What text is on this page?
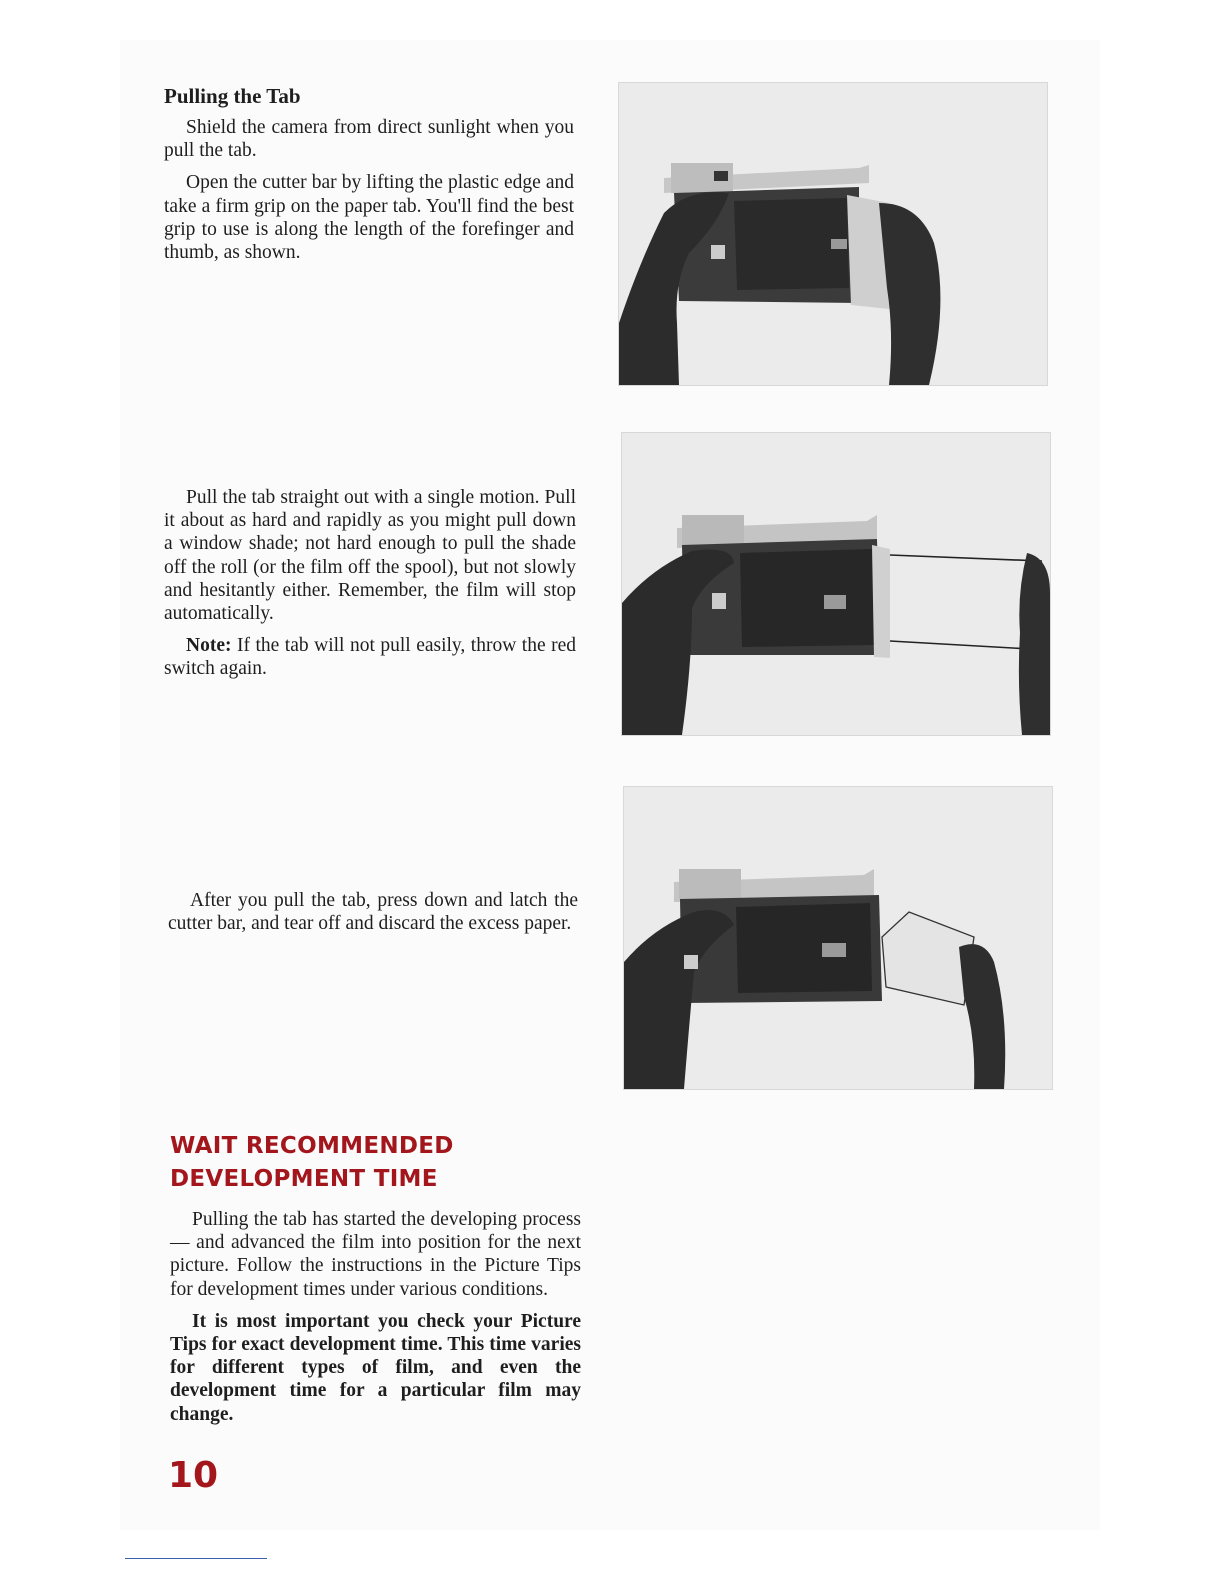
Pulling the Tab

Shield the camera from direct sunlight when you pull the tab.

Open the cutter bar by lifting the plastic edge and take a firm grip on the paper tab. You'll find the best grip to use is along the length of the forefinger and thumb, as shown.

Pull the tab straight out with a single motion. Pull it about as hard and rapidly as you might pull down a window shade; not hard enough to pull the shade off the roll (or the film off the spool), but not slowly and hesitantly either. Remember, the film will stop automatically.

Note: If the tab will not pull easily, throw the red switch again.

After you pull the tab, press down and latch the cutter bar, and tear off and discard the excess paper.

WAIT RECOMMENDED
DEVELOPMENT TIME

Pulling the tab has started the developing process — and advanced the film into position for the next picture. Follow the instructions in the Picture Tips for development times under various conditions.

It is most important you check your Picture Tips for exact development time. This time varies for different types of film, and even the development time for a particular film may change.

10
